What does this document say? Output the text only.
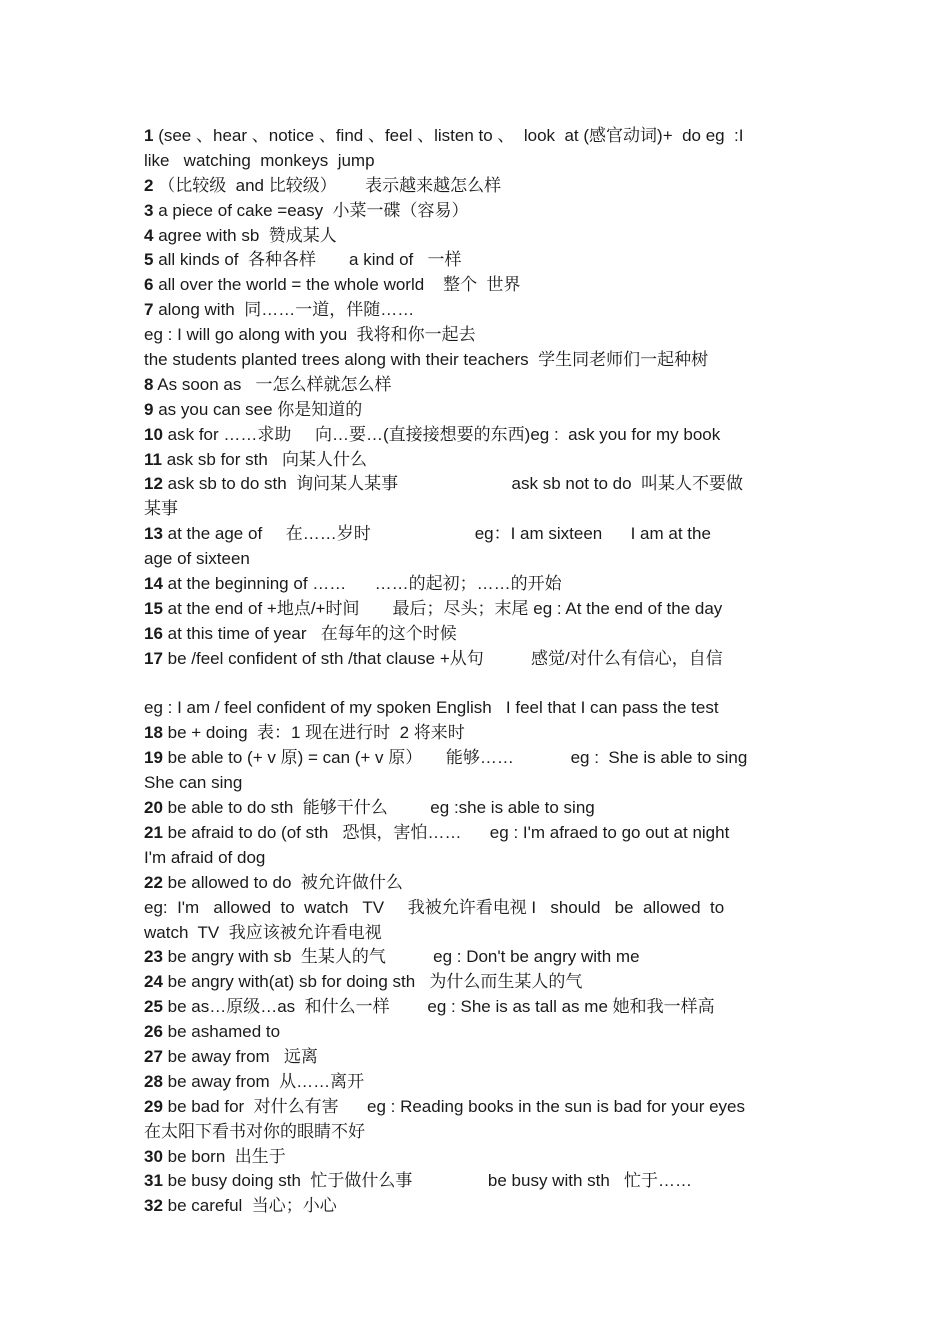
1 (see 、hear 、notice 、find 、feel 、listen to 、  look  at (感官动词)+  do eg  :I
like   watching  monkeys  jump
2 （比较级  and 比较级）      表示越来越怎么样
3 a piece of cake =easy  小菜一碟（容易）
4 agree with sb  赞成某人
5 all kinds of  各种各样       a kind of   一样
6 all over the world = the whole world    整个  世界
7 along with  同……一道，伴随……
eg : I will go along with you  我将和你一起去
the students planted trees along with their teachers  学生同老师们一起种树
8 As soon as   一怎么样就怎么样
9 as you can see 你是知道的
10 ask for ……求助     向…要…(直接接想要的东西)eg :  ask you for my book
11 ask sb for sth   向某人什么
12 ask sb to do sth  询问某人某事                        ask sb not to do  叫某人不要做
某事
13 at the age of     在……岁时                      eg：I am sixteen      I am at the
age of sixteen
14 at the beginning of ……      ……的起初；……的开始
15 at the end of +地点/+时间       最后；尽头；末尾 eg : At the end of the day
16 at this time of year   在每年的这个时候
17 be /feel confident of sth /that clause +从句          感觉/对什么有信心，自信
eg : I am / feel confident of my spoken English   I feel that I can pass the test
18 be + doing  表：1 现在进行时  2 将来时
19 be able to (+ v 原) = can (+ v 原）     能够……            eg :  She is able to sing
She can sing
20 be able to do sth  能够干什么         eg :she is able to sing
21 be afraid to do (of sth   恐惧，害怕……      eg : I'm afraed to go out at night
I'm afraid of dog
22 be allowed to do  被允许做什么
eg:  I'm   allowed  to  watch   TV     我被允许看电视 I   should   be  allowed  to
watch  TV  我应该被允许看电视
23 be angry with sb  生某人的气          eg : Don't be angry with me
24 be angry with(at) sb for doing sth   为什么而生某人的气
25 be as…原级…as  和什么一样        eg : She is as tall as me 她和我一样高
26 be ashamed to
27 be away from   远离
28 be away from  从……离开
29 be bad for  对什么有害      eg : Reading books in the sun is bad for your eyes
在太阳下看书对你的眼睛不好
30 be born  出生于
31 be busy doing sth  忙于做什么事                be busy with sth   忙于……
32 be careful  当心；小心
